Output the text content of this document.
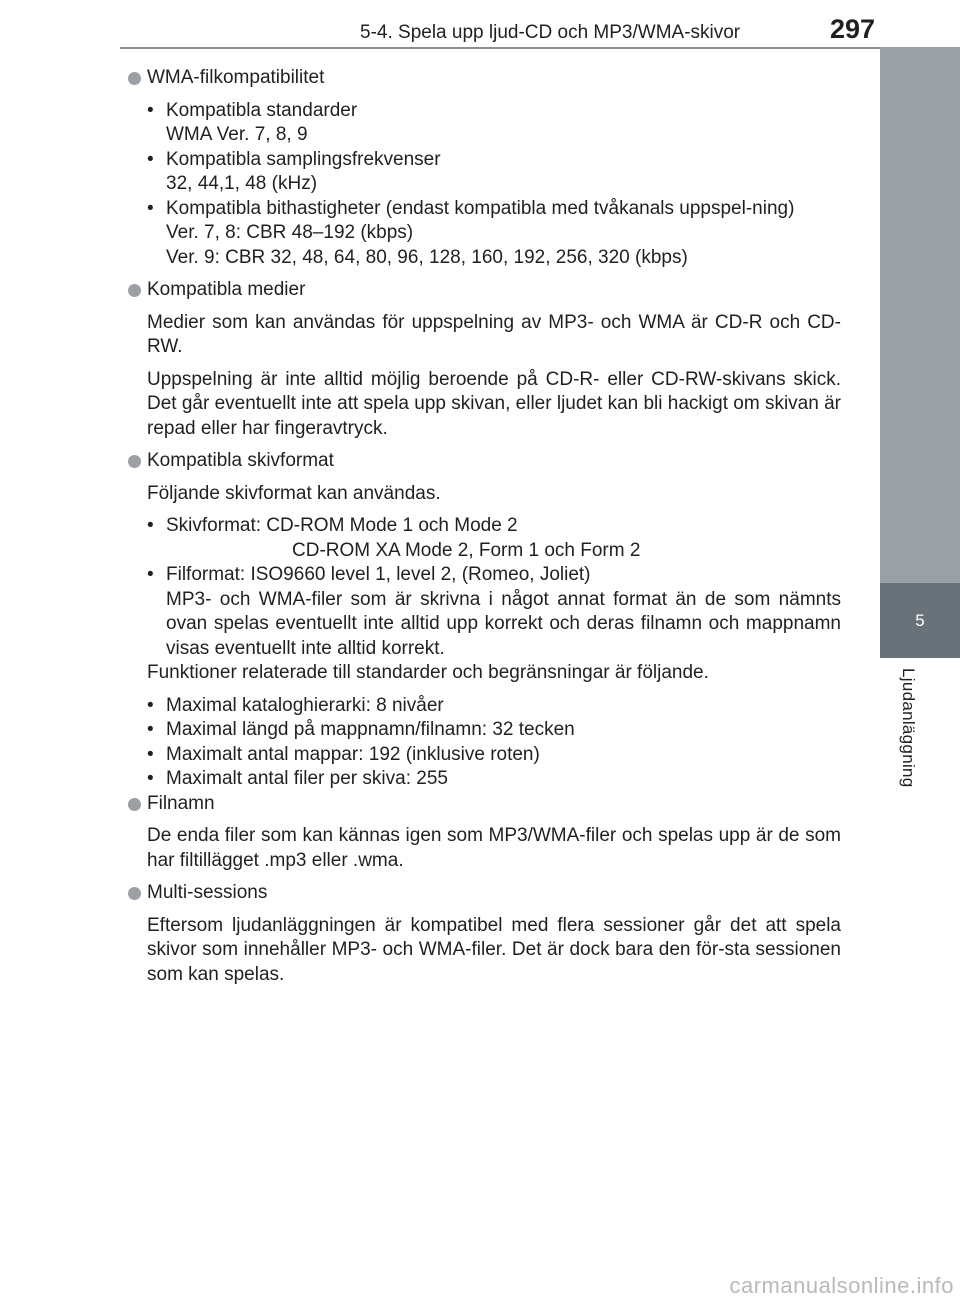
5-4. Spela upp ljud-CD och MP3/WMA-skivor	297
5
Ljudanläggning
WMA-filkompatibilitet
• Kompatibla standarder
WMA Ver. 7, 8, 9
• Kompatibla samplingsfrekvenser
32, 44,1, 48 (kHz)
• Kompatibla bithastigheter (endast kompatibla med tvåkanals uppspel-ning)
Ver. 7, 8: CBR 48–192 (kbps)
Ver. 9: CBR 32, 48, 64, 80, 96, 128, 160, 192, 256, 320 (kbps)
Kompatibla medier

Medier som kan användas för uppspelning av MP3- och WMA är CD-R och CD-RW.

Uppspelning är inte alltid möjlig beroende på CD-R- eller CD-RW-skivans skick. Det går eventuellt inte att spela upp skivan, eller ljudet kan bli hackigt om skivan är repad eller har fingeravtryck.

Kompatibla skivformat

Följande skivformat kan användas.

• Skivformat: CD-ROM Mode 1 och Mode 2
CD-ROM XA Mode 2, Form 1 och Form 2
• Filformat: ISO9660 level 1, level 2, (Romeo, Joliet)
MP3- och WMA-filer som är skrivna i något annat format än de som nämnts ovan spelas eventuellt inte alltid upp korrekt och deras filnamn och mappnamn visas eventuellt inte alltid korrekt.
Funktioner relaterade till standarder och begränsningar är följande.
• Maximal kataloghierarki: 8 nivåer
• Maximal längd på mappnamn/filnamn: 32 tecken
• Maximalt antal mappar: 192 (inklusive roten)
• Maximalt antal filer per skiva: 255
Filnamn

De enda filer som kan kännas igen som MP3/WMA-filer och spelas upp är de som har filtillägget .mp3 eller .wma.

Multi-sessions

Eftersom ljudanläggningen är kompatibel med flera sessioner går det att spela skivor som innehåller MP3- och WMA-filer. Det är dock bara den för-sta sessionen som kan spelas.

carmanualsonline.info
